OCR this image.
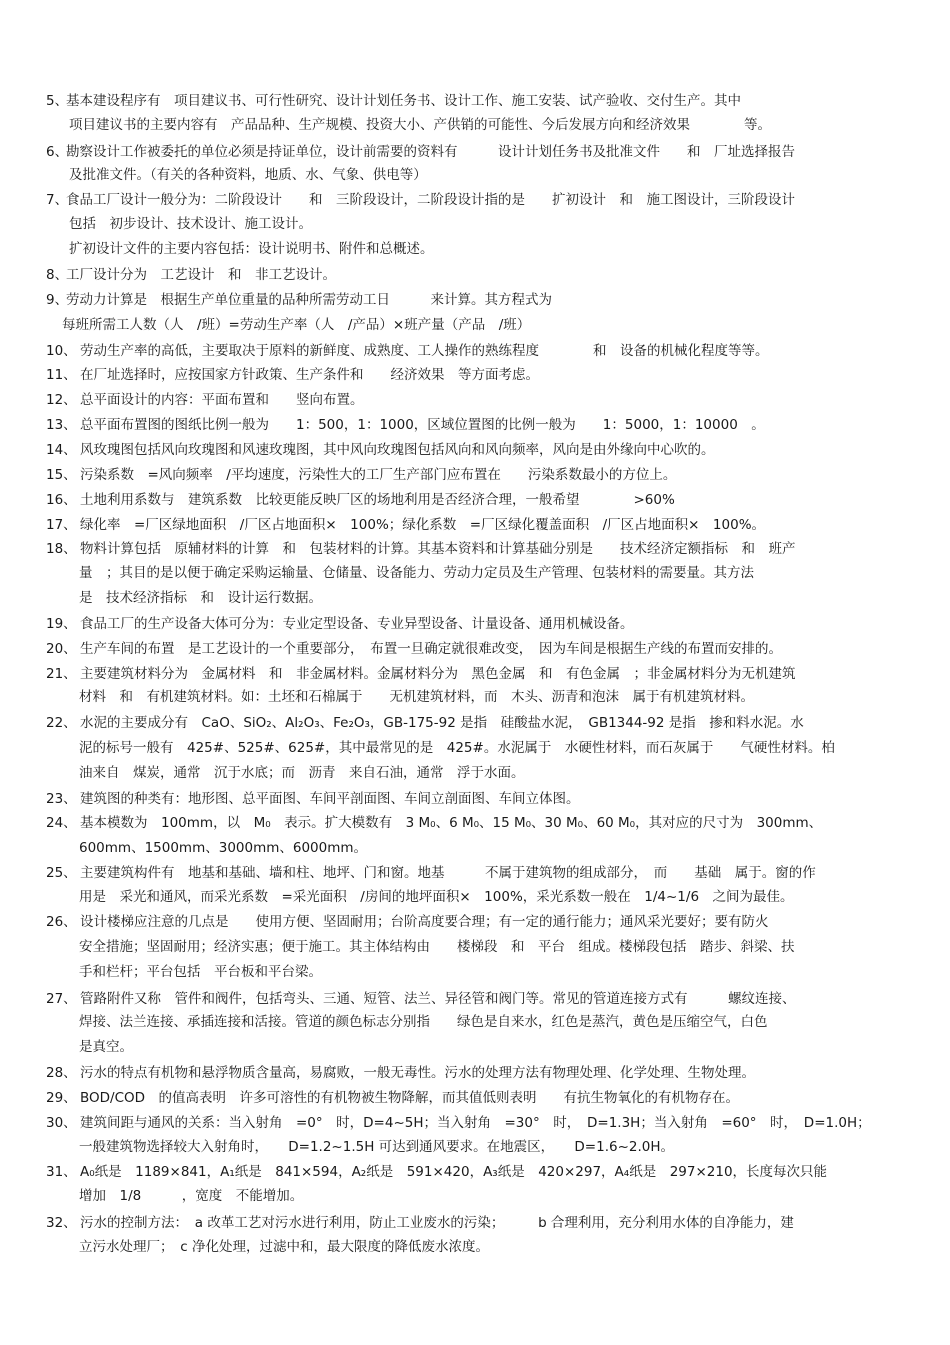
5、
基本建设程序有　项目建议书、可行性研究、设计计划任务书、设计工作、施工安装、试产验收、交付生产。其中
项目建议书的主要内容有　产品品种、生产规模、投资大小、产供销的可能性、今后发展方向和经济效果　　　　等。
6、
勘察设计工作被委托的单位必须是持证单位，设计前需要的资料有　　　设计计划任务书及批准文件　　和　厂址选择报告
及批准文件。（有关的各种资料，地质、水、气象、供电等）
7、
食品工厂设计一般分为：二阶段设计　　和　三阶段设计，二阶段设计指的是　　扩初设计　和　施工图设计，三阶段设计
包括　初步设计、技术设计、施工设计。
扩初设计文件的主要内容包括：设计说明书、附件和总概述。
8、
工厂设计分为　工艺设计　和　非工艺设计。
9、
劳动力计算是　根据生产单位重量的品种所需劳动工日　　　来计算。其方程式为
每班所需工人数（人　/班）=劳动生产率（人　/产品）×班产量（产品　/班）
10、 劳动生产率的高低，主要取决于原料的新鲜度、成熟度、工人操作的熟练程度　　　　和　设备的机械化程度等等。
11、 在厂址选择时，应按国家方针政策、生产条件和　　经济效果　等方面考虑。
12、 总平面设计的内容：平面布置和　　竖向布置。
13、 总平面布置图的图纸比例一般为　　1：500，1：1000，区域位置图的比例一般为　　1：5000，1：10000　。
14、 风玫瑰图包括风向玫瑰图和风速玫瑰图，其中风向玫瑰图包括风向和风向频率，风向是由外缘向中心吹的。
15、 污染系数　=风向频率　/平均速度，污染性大的工厂生产部门应布置在　　污染系数最小的方位上。
16、 土地利用系数与　建筑系数　比较更能反映厂区的场地利用是否经济合理，一般希望　　　　>60%
17、 绿化率　=厂区绿地面积　/厂区占地面积×　100%；绿化系数　=厂区绿化覆盖面积　/厂区占地面积×　100%。
18、 物料计算包括　原辅材料的计算　和　包装材料的计算。其基本资料和计算基础分别是　　技术经济定额指标　和　班产
量　；其目的是以便于确定采购运输量、仓储量、设备能力、劳动力定员及生产管理、包装材料的需要量。其方法
是　技术经济指标　和　设计运行数据。
19、 食品工厂的生产设备大体可分为：专业定型设备、专业异型设备、计量设备、通用机械设备。
20、 生产车间的布置　是工艺设计的一个重要部分，　布置一旦确定就很难改变，　因为车间是根据生产线的布置而安排的。
21、 主要建筑材料分为　金属材料　和　非金属材料。金属材料分为　黑色金属　和　有色金属　；非金属材料分为无机建筑
材料　和　有机建筑材料。如：土坯和石棉属于　　无机建筑材料，而　木头、沥青和泡沫　属于有机建筑材料。
22、 水泥的主要成分有　CaO、SiO₂、Al₂O₃、Fe₂O₃，GB-175-92 是指　硅酸盐水泥，　GB1344-92 是指　掺和料水泥。水
泥的标号一般有　425#、525#、625#，其中最常见的是　425#。水泥属于　水硬性材料，而石灰属于　　气硬性材料。柏
油来自　煤炭，通常　沉于水底；而　沥青　来自石油，通常　浮于水面。
23、 建筑图的种类有：地形图、总平面图、车间平剖面图、车间立剖面图、车间立体图。
24、 基本模数为　100mm，以　M₀　表示。扩大模数有　3 M₀、6 M₀、15 M₀、30 M₀、60 M₀，其对应的尺寸为　300mm、
600mm、1500mm、3000mm、6000mm。
25、 主要建筑构件有　地基和基础、墙和柱、地坪、门和窗。地基　　　不属于建筑物的组成部分，　而　　基础　属于。窗的作
用是　采光和通风，而采光系数　=采光面积　/房间的地坪面积×　100%，采光系数一般在　1/4~1/6　之间为最佳。
26、 设计楼梯应注意的几点是　　使用方便、坚固耐用；台阶高度要合理；有一定的通行能力；通风采光要好；要有防火
安全措施；坚固耐用；经济实惠；便于施工。其主体结构由　　楼梯段　和　平台　组成。楼梯段包括　踏步、斜梁、扶
手和栏杆；平台包括　平台板和平台梁。
27、 管路附件又称　管件和阀件，包括弯头、三通、短管、法兰、异径管和阀门等。常见的管道连接方式有　　　螺纹连接、
焊接、法兰连接、承插连接和活接。管道的颜色标志分别指　　绿色是自来水，红色是蒸汽，黄色是压缩空气，白色
是真空。
28、 污水的特点有机物和悬浮物质含量高，易腐败，一般无毒性。污水的处理方法有物理处理、化学处理、生物处理。
29、 BOD/COD　的值高表明　许多可溶性的有机物被生物降解，而其值低则表明　　有抗生物氧化的有机物存在。
30、 建筑间距与通风的关系：当入射角　=0°　时，D=4~5H；当入射角　=30°　时，　D=1.3H；当入射角　=60°　时，　D=1.0H；
一般建筑物选择较大入射角时，　　D=1.2~1.5H 可达到通风要求。在地震区，　　D=1.6~2.0H。
31、 A₀纸是　1189×841，A₁纸是　841×594，A₂纸是　591×420，A₃纸是　420×297，A₄纸是　297×210，长度每次只能
增加　1/8　　　，宽度　不能增加。
32、 污水的控制方法：　a 改革工艺对污水进行利用，防止工业废水的污染；　　　b 合理利用，充分利用水体的自净能力，建
立污水处理厂；　c 净化处理，过滤中和，最大限度的降低废水浓度。
